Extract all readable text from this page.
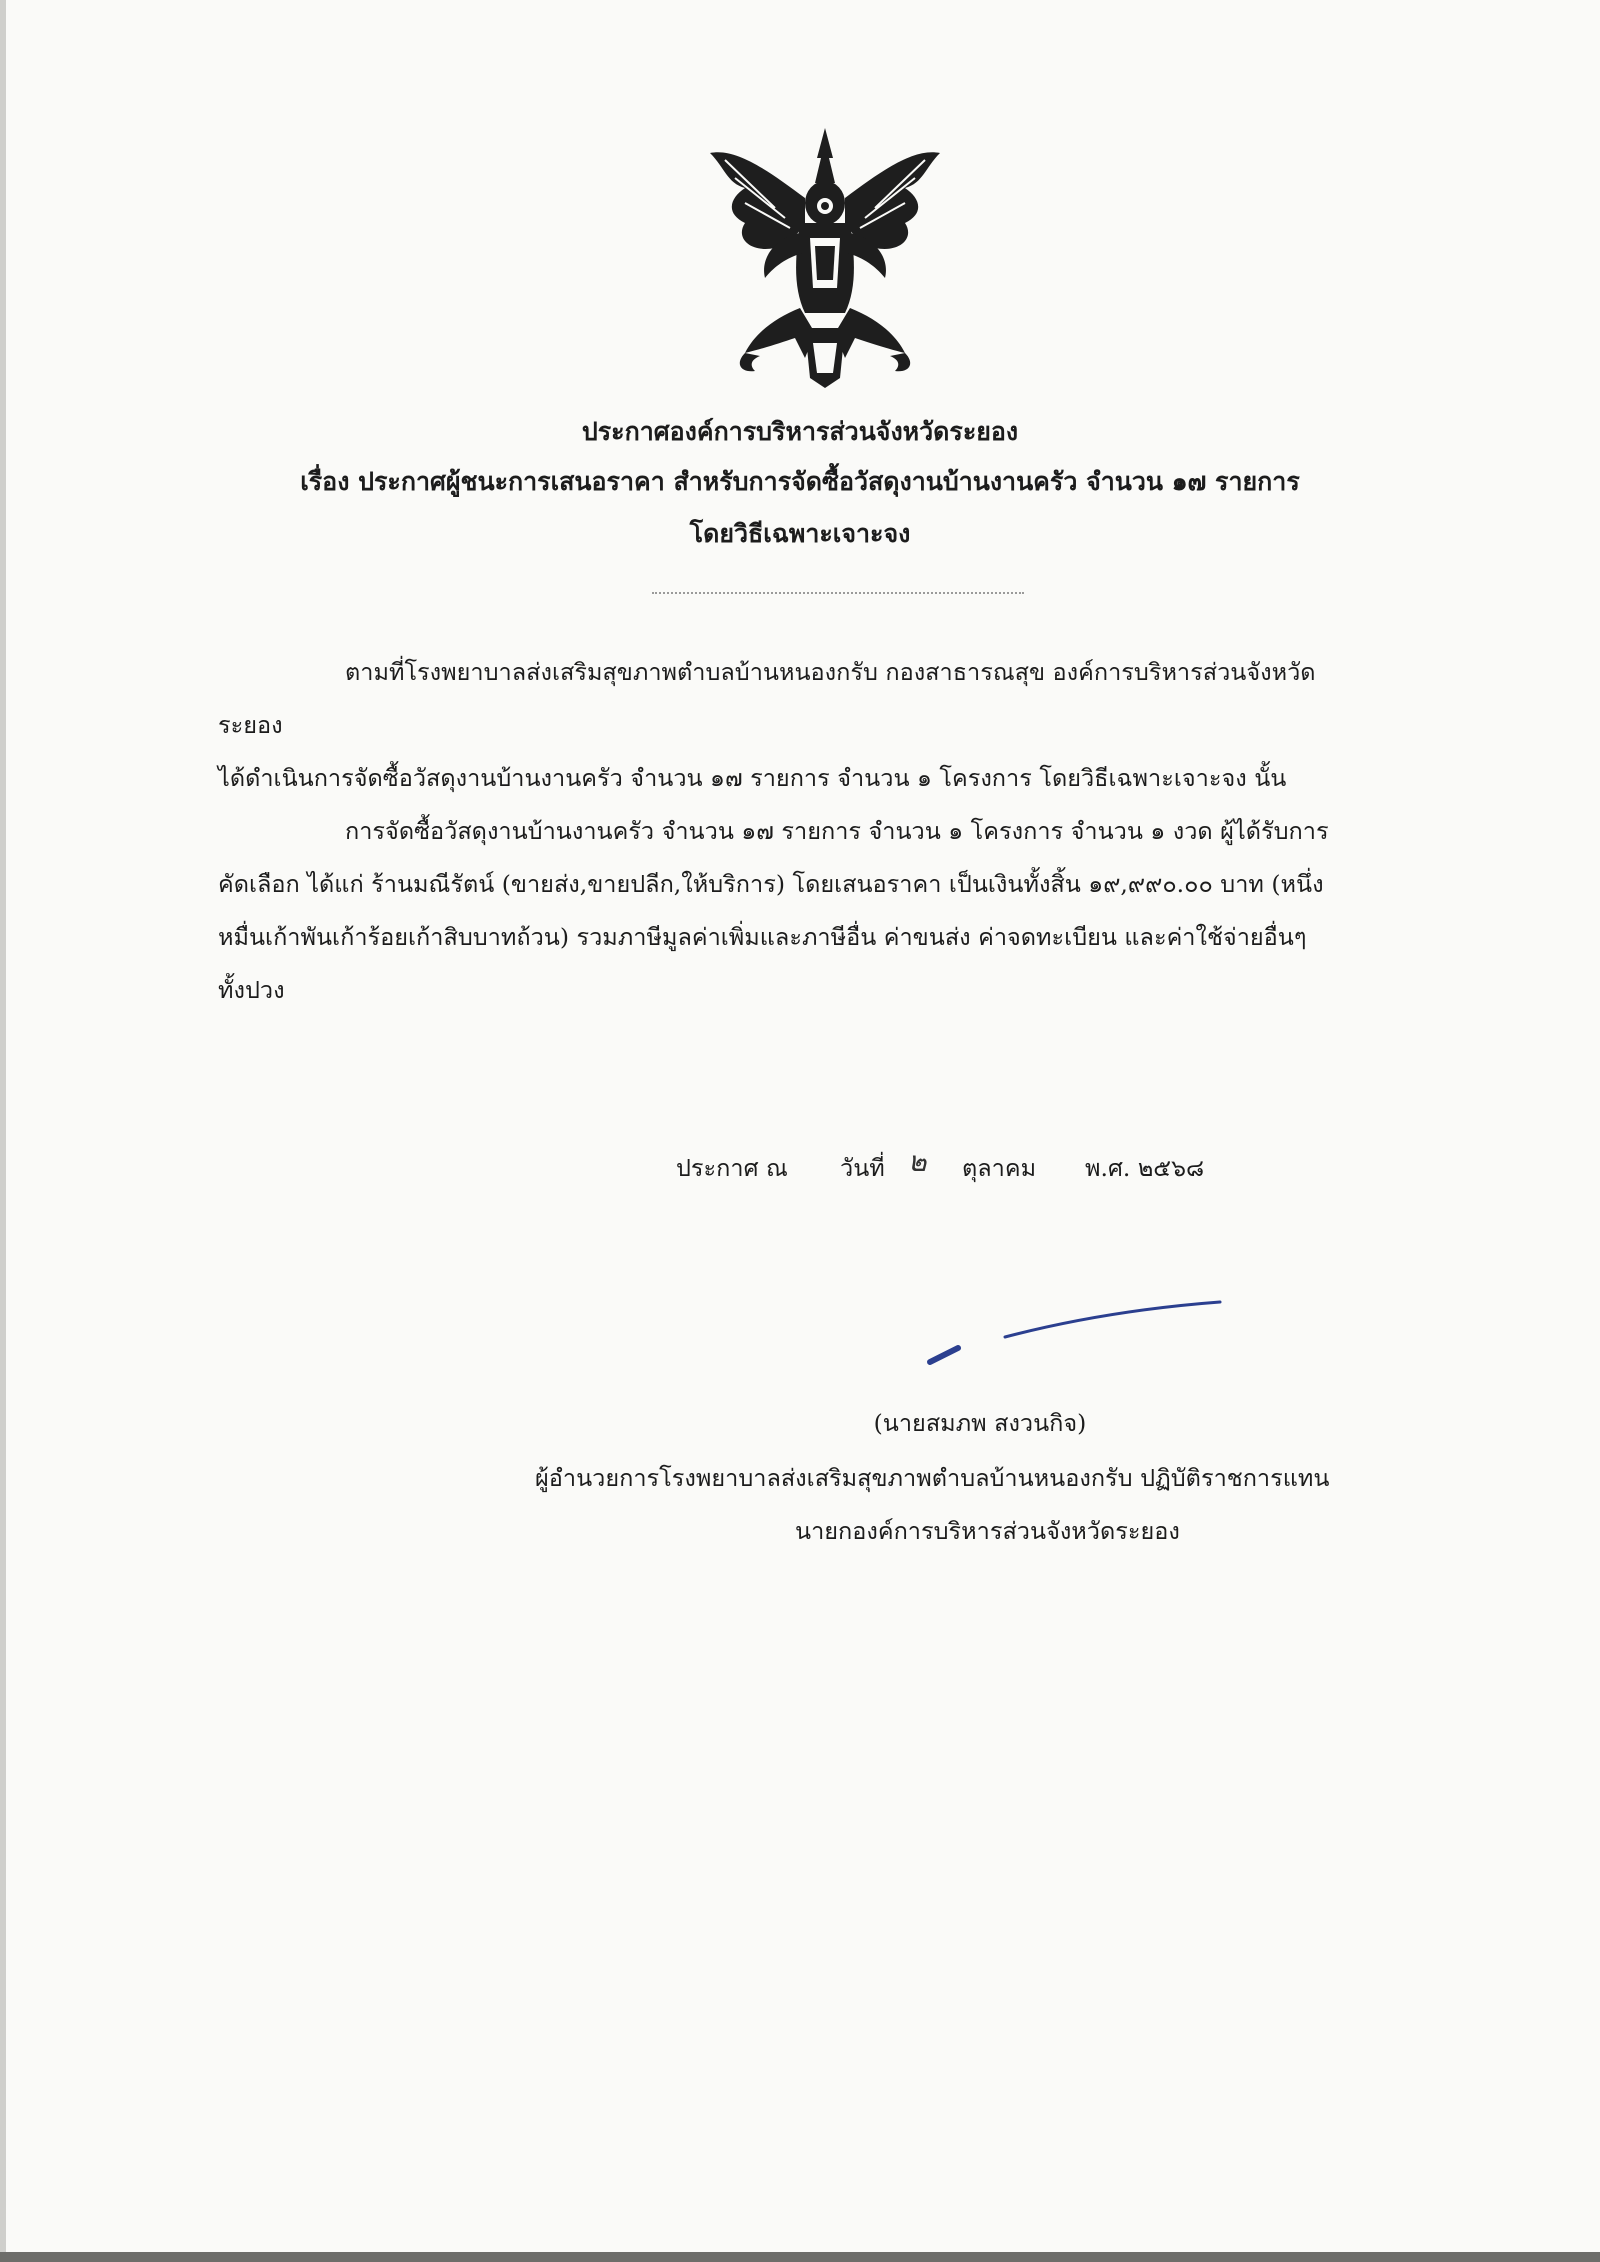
ประกาศองค์การบริหารส่วนจังหวัดระยอง
เรื่อง ประกาศผู้ชนะการเสนอราคา สำหรับการจัดซื้อวัสดุงานบ้านงานครัว จำนวน ๑๗ รายการ
โดยวิธีเฉพาะเจาะจง
ตามที่โรงพยาบาลส่งเสริมสุขภาพตำบลบ้านหนองกรับ กองสาธารณสุข องค์การบริหารส่วนจังหวัด
ระยอง
ได้ดำเนินการจัดซื้อวัสดุงานบ้านงานครัว จำนวน ๑๗ รายการ จำนวน ๑ โครงการ โดยวิธีเฉพาะเจาะจง นั้น
การจัดซื้อวัสดุงานบ้านงานครัว จำนวน ๑๗ รายการ จำนวน ๑ โครงการ จำนวน ๑ งวด ผู้ได้รับการ
คัดเลือก ได้แก่ ร้านมณีรัตน์ (ขายส่ง,ขายปลีก,ให้บริการ) โดยเสนอราคา เป็นเงินทั้งสิ้น ๑๙,๙๙๐.๐๐ บาท (หนึ่ง
หมื่นเก้าพันเก้าร้อยเก้าสิบบาทถ้วน) รวมภาษีมูลค่าเพิ่มและภาษีอื่น ค่าขนส่ง ค่าจดทะเบียน และค่าใช้จ่ายอื่นๆ
ทั้งปวง
ประกาศ ณ วันที่ ๒ ตุลาคม พ.ศ. ๒๕๖๘
(นายสมภพ สงวนกิจ)
ผู้อำนวยการโรงพยาบาลส่งเสริมสุขภาพตำบลบ้านหนองกรับ ปฏิบัติราชการแทน
นายกองค์การบริหารส่วนจังหวัดระยอง
